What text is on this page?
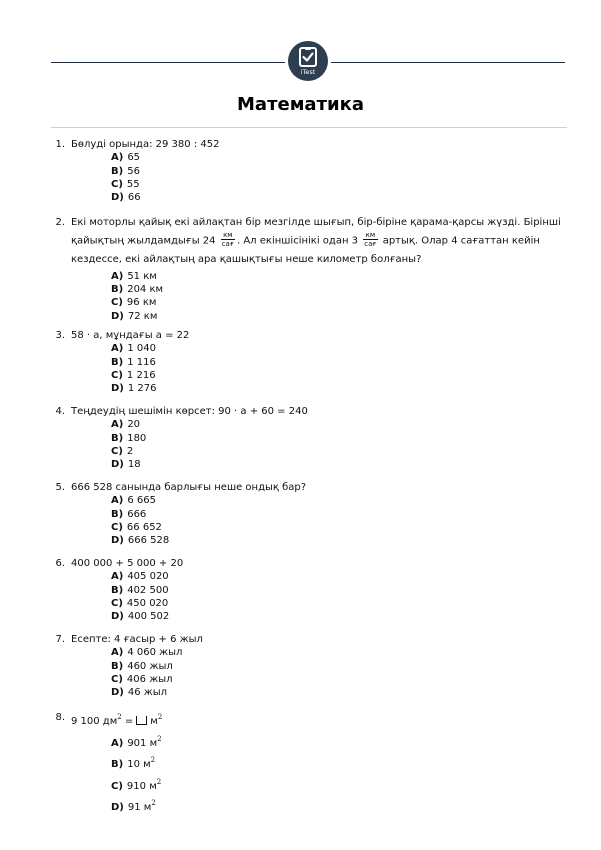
iTest
Математика
1. Бөлуді орында: 29 380 : 452
A) 65
B) 56
C) 55
D) 66
2. Екі моторлы қайық екі айлақтан бір мезгілде шығып, бір-біріне қарама-қарсы жүзді. Бірінші қайықтың жылдамдығы $24 \frac{км}{\text{сағ}}$ . Ал екіншісінікі одан $3 \frac{км}{\text{сағ}}$ артық. Олар 4 сағаттан кейін кездессе, екі айлақтың ара қашықтығы неше километр болғаны?
A) 51 км
B) 204 км
C) 96 км
D) 72 км
3. 58 · а, мұндағы а = 22
A) 1 040
B) 1 116
C) 1 216
D) 1 276
4. Теңдеудің шешімін көрсет: 90 · а + 60 = 240
A) 20
B) 180
C) 2
D) 18
5. 666 528 санында барлығы неше ондық бар?
A) 6 665
B) 666
C) 66 652
D) 666 528
6. 400 000 + 5 000 + 20
A) 405 020
B) 402 500
C) 450 020
D) 400 502
7. Есепте: 4 ғасыр + 6 жыл
A) 4 060 жыл
B) 460 жыл
C) 406 жыл
D) 46 жыл
8. 9 100 $дм^2 = м^2$
A) 901 $м^2$
B) 10 $м^2$
C) 910 $м^2$
D) 91 $м^2$
